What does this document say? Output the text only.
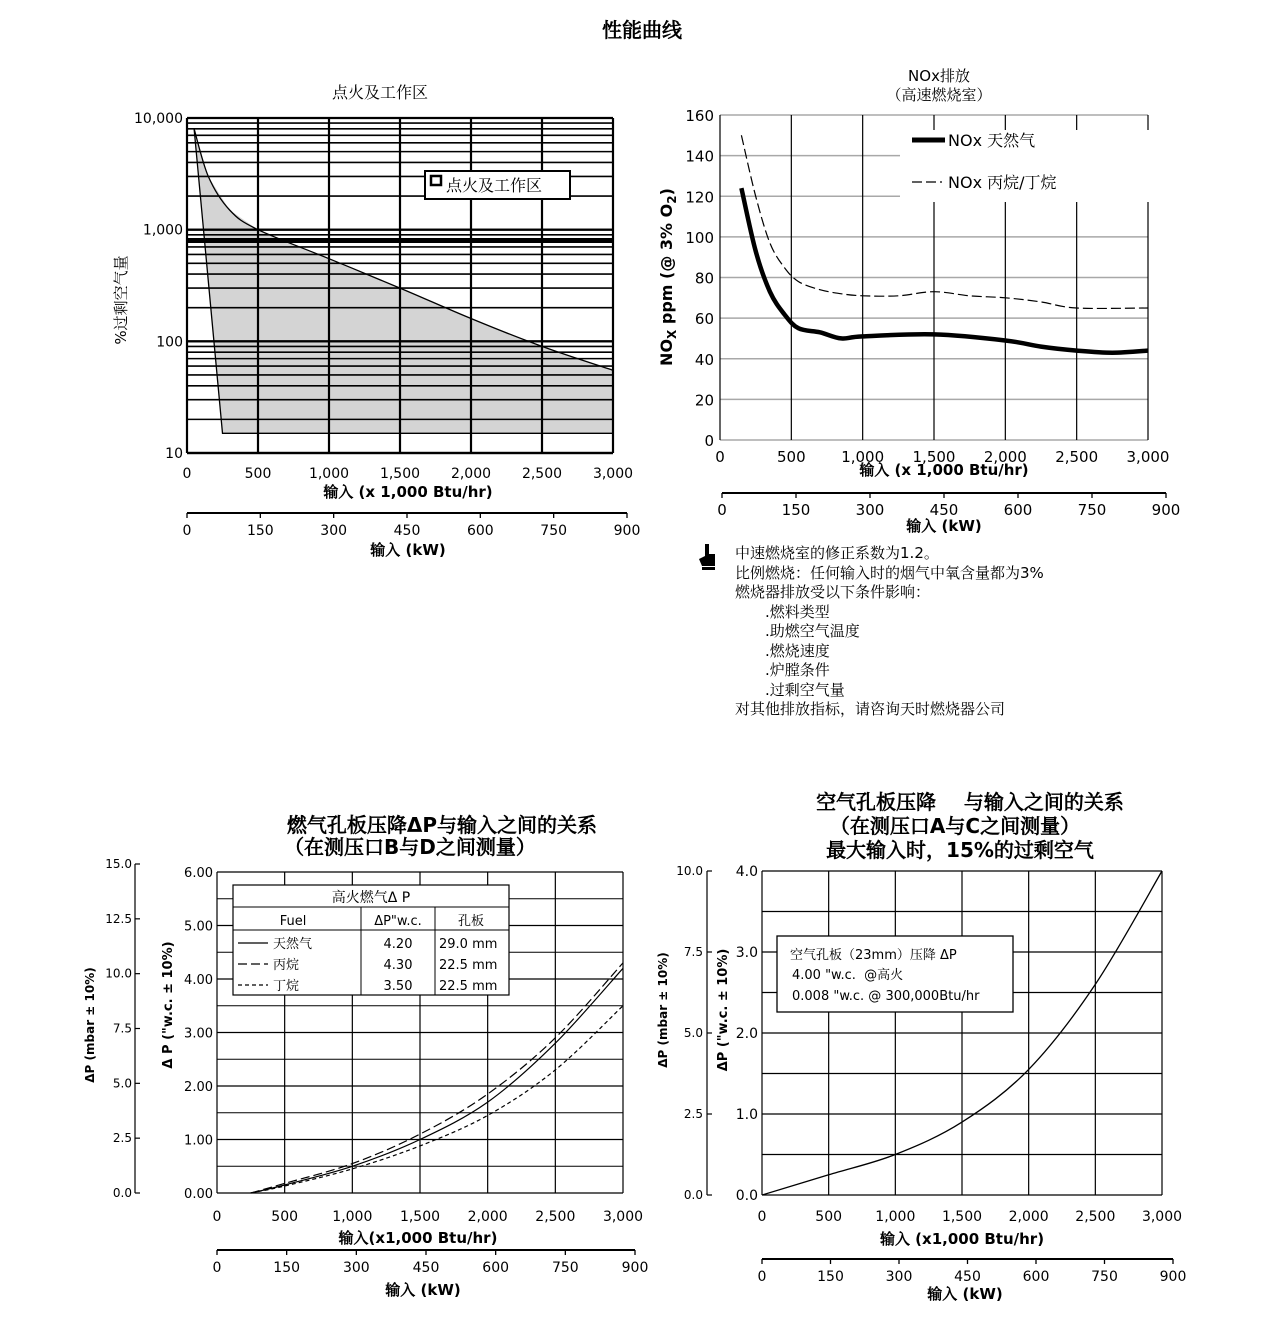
性能曲线
点火及工作区
%过剩空气量
10
100
1,000
10,000
0	500	1,000 1,500 2,000 2,500 3,000
点火及工作区
输入 (x 1,000 Btu/hr)
0	150	300	450	600	750	900
输入 (kW)
NOx排放
（高速燃烧室）
$NO_X$ ppm (@ 3% $O_2$)
0
20
40
60
80
100
120
140
160
0	500 1,000 1,500 2,000 2,500 3,000
NOx 天然气
NOx 丙烷/丁烷
输入 (x 1,000 Btu/hr)
0	150	300	450	600	750	900
输入 (kW)
中速燃烧室的修正系数为1.2。
比例燃烧：任何输入时的烟气中氧含量都为3%
燃烧器排放受以下条件影响：
.燃料类型
.助燃空气温度
.燃烧速度
.炉膛条件
.过剩空气量
对其他排放指标，请咨询天时燃烧器公司
燃气孔板压降ΔP与输入之间的关系
（在测压口B与D之间测量）
ΔP (mbar ± 10%)	Δ P ("w.c. ± 10%)
0.0
2.5
5.0
7.5
10.0
12.5
15.0
0.00
1.00
2.00
3.00
4.00
5.00
6.00
0	500 1,000 1,500 2,000 2,500 3,000
高火燃气Δ P
Fuel	ΔP"w.c.	孔板
天然气	4.20 29.0 mm
丙烷	4.30 22.5 mm
丁烷	3.50 22.5 mm
输入(x1,000 Btu/hr)
0	150	300	450	600	750	900
输入 (kW)
空气孔板压降    与输入之间的关系
（在测压口A与C之间测量）
最大输入时，15%的过剩空气
ΔP (mbar ± 10%)	ΔP ("w.c. ± 10%)
0.0
2.5
5.0
7.5
10.0
0.0
1.0
2.0
3.0
4.0
0	500 1,000 1,500 2,000 2,500 3,000
空气孔板（23mm）压降 ΔP
4.00 "w.c.  @高火
0.008 "w.c. @ 300,000Btu/hr
输入 (x1,000 Btu/hr)
0	150	300	450	600	750	900
输入 (kW)
